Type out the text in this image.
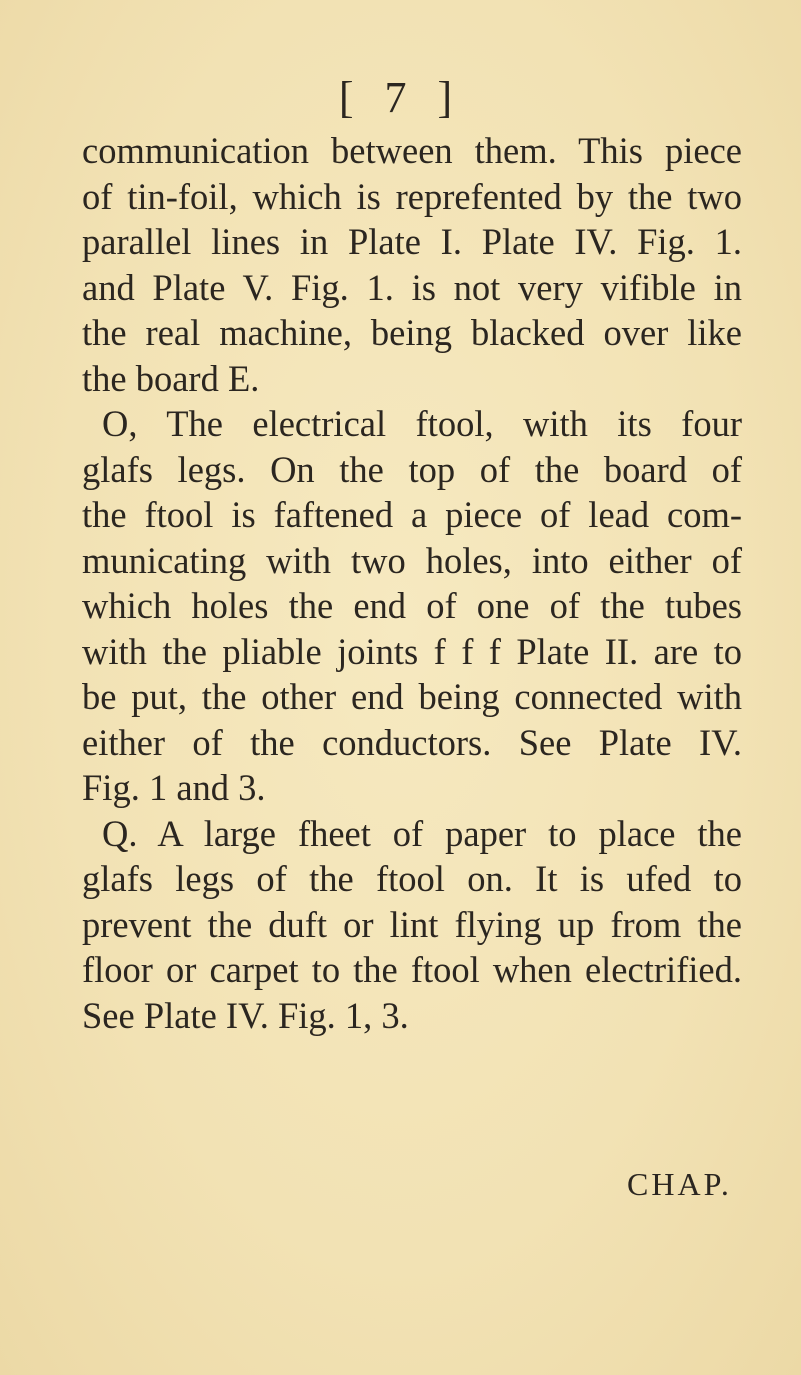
[ 7 ]
communication between them. This piece
of tin-foil, which is reprefented by the two
parallel lines in Plate I. Plate IV. Fig. 1.
and Plate V. Fig. 1. is not very vifible in
the real machine, being blacked over like
the board E.
O, The electrical ftool, with its four
glafs legs. On the top of the board of
the ftool is faftened a piece of lead com-
municating with two holes, into either of
which holes the end of one of the tubes
with the pliable joints f f f Plate II. are to
be put, the other end being connected with
either of the conductors. See Plate IV.
Fig. 1 and 3.
Q. A large fheet of paper to place the
glafs legs of the ftool on. It is ufed to
prevent the duft or lint flying up from the
floor or carpet to the ftool when electrified.
See Plate IV. Fig. 1, 3.
CHAP.
